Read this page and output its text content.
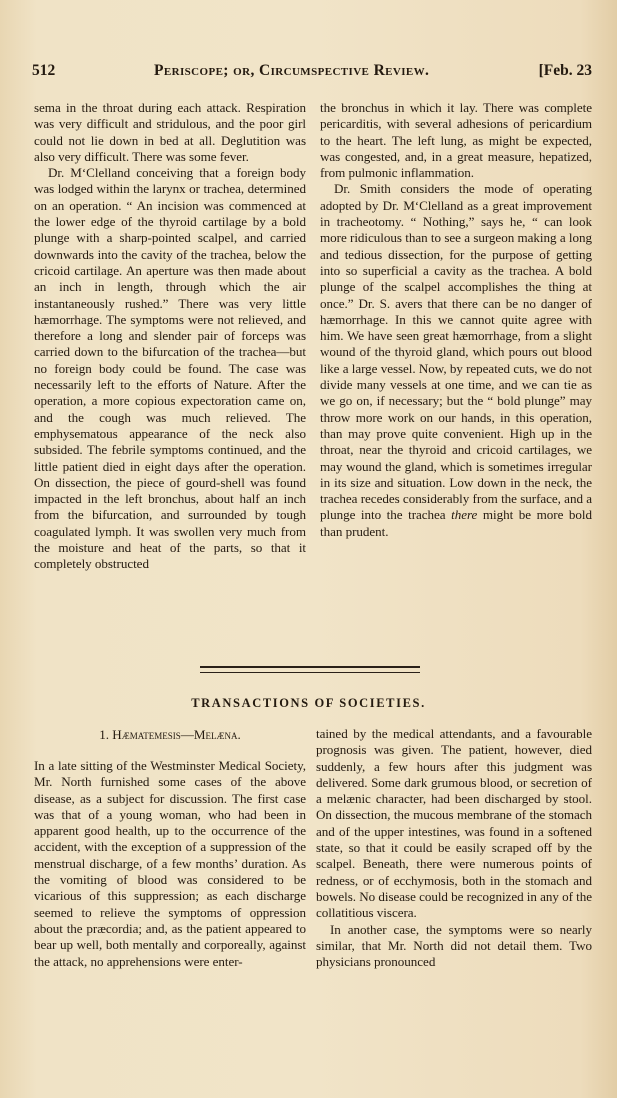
512	Periscope; or, Circumspective Review.	[Feb. 23

sema in the throat during each attack. Respiration was very difficult and stridulous, and the poor girl could not lie down in bed at all. Deglutition was also very difficult. There was some fever.

Dr. M‘Clelland conceiving that a foreign body was lodged within the larynx or trachea, determined on an operation. “ An incision was commenced at the lower edge of the thyroid cartilage by a bold plunge with a sharp-pointed scalpel, and carried downwards into the cavity of the trachea, below the cricoid cartilage. An aperture was then made about an inch in length, through which the air instantaneously rushed.” There was very little hæmorrhage. The symptoms were not relieved, and therefore a long and slender pair of forceps was carried down to the bifurcation of the trachea—but no foreign body could be found. The case was necessarily left to the efforts of Nature. After the operation, a more copious expectoration came on, and the cough was much relieved. The emphysematous appearance of the neck also subsided. The febrile symptoms continued, and the little patient died in eight days after the operation. On dissection, the piece of gourd-shell was found impacted in the left bronchus, about half an inch from the bifurcation, and surrounded by tough coagulated lymph. It was swollen very much from the moisture and heat of the parts, so that it completely obstructed

the bronchus in which it lay. There was complete pericarditis, with several adhesions of pericardium to the heart. The left lung, as might be expected, was congested, and, in a great measure, hepatized, from pulmonic inflammation.

Dr. Smith considers the mode of operating adopted by Dr. M‘Clelland as a great improvement in tracheotomy. “ Nothing,” says he, “ can look more ridiculous than to see a surgeon making a long and tedious dissection, for the purpose of getting into so superficial a cavity as the trachea. A bold plunge of the scalpel accomplishes the thing at once.” Dr. S. avers that there can be no danger of hæmorrhage. In this we cannot quite agree with him. We have seen great hæmorrhage, from a slight wound of the thyroid gland, which pours out blood like a large vessel. Now, by repeated cuts, we do not divide many vessels at one time, and we can tie as we go on, if necessary; but the “ bold plunge” may throw more work on our hands, in this operation, than may prove quite convenient. High up in the throat, near the thyroid and cricoid cartilages, we may wound the gland, which is sometimes irregular in its size and situation. Low down in the neck, the trachea recedes considerably from the surface, and a plunge into the trachea there might be more bold than prudent.

TRANSACTIONS OF SOCIETIES.
1. Hæmatemesis—Melæna.

In a late sitting of the Westminster Medical Society, Mr. North furnished some cases of the above disease, as a subject for discussion. The first case was that of a young woman, who had been in apparent good health, up to the occurrence of the accident, with the exception of a suppression of the menstrual discharge, of a few months’ duration. As the vomiting of blood was considered to be vicarious of this suppression; as each discharge seemed to relieve the symptoms of oppression about the præcordia; and, as the patient appeared to bear up well, both mentally and corporeally, against the attack, no apprehensions were enter-

tained by the medical attendants, and a favourable prognosis was given. The patient, however, died suddenly, a few hours after this judgment was delivered. Some dark grumous blood, or secretion of a melænic character, had been discharged by stool. On dissection, the mucous membrane of the stomach and of the upper intestines, was found in a softened state, so that it could be easily scraped off by the scalpel. Beneath, there were numerous points of redness, or of ecchymosis, both in the stomach and bowels. No disease could be recognized in any of the collatitious viscera.

In another case, the symptoms were so nearly similar, that Mr. North did not detail them. Two physicians pronounced
